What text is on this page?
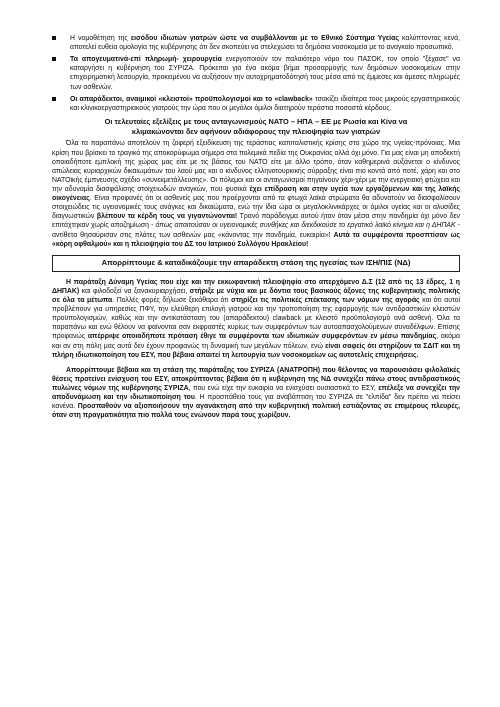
Η νομοθέτηση της εισόδου ιδιωτών γιατρών ώστε να συμβάλλονται με το Εθνικό Σύστημα Υγείας καλύπτοντας κενά, αποτελεί ευθεία ομολογία της κυβέρνησης ότι δεν σκοπεύει να στελεχώσει τα δημόσια νοσοκομεία με το αναγκαίο προσωπικό.
Τα απογευματινά-επί πληρωμή- χειρουργεία ενεργοποιούν τον παλαιότερο νόμο του ΠΑΣΟΚ, τον οποίο "ξέχασε" να καταργήσει η κυβέρνηση του ΣΥΡΙΖΑ. Πρόκειται για ένα ακόμα βήμα προσαρμογής των δημόσιων νοσοκομείων στην επιχειρηματική λειτουργία, προκειμένου να αυξήσουν την αυτοχρηματοδότησή τους μέσα από τις έμμεσες και άμεσες πληρωμές των ασθενών.
Οι απαράδεκτοι, αναιμικοί «κλειστοί» προϋπολογισμοί και το «clawback» τσακίζει ιδιαίτερα τους μικρούς εργαστηριακούς και κλινικοεργαστηριακούς γιατρούς την ώρα που οι μεγάλοι όμιλοι διατηρούν τεράστια ποσοστά κέρδους.
Οι τελευταίες εξελίξεις με τους ανταγωνισμούς ΝΑΤΟ – ΗΠΑ – ΕΕ με Ρωσία και Κίνα να
κλιμακώνονται δεν αφήνουν αδιάφορους την πλειοψηφία των γιατρών

Όλα τα παραπάνω αποτελούν τη ζοφερή εξειδίκευση της τεράστιας καπιταλιστικής κρίσης στο χώρο της υγείας-πρόνοιας. Μια κρίση που βρίσκει το τραγικό της αποκορύφωμα σήμερα στα πολεμικά πεδία της Ουκρανίας αλλά όχι μόνο. Για μας είναι μη αποδεκτή οποιαδήποτε εμπλοκή της χώρας μας είτε με τις βάσεις του ΝΑΤΟ είτε με άλλο τρόπο, όταν καθημερινά αυξάνεται ο κίνδυνος απώλειας κυριαρχικών δικαιωμάτων του λαού μας και ο κίνδυνος ελληνοτουρκικής σύρραξης είναι πιο κοντά από ποτέ, χάρη και στο ΝΑΤΟϊκής έμπνευσης σχέδιο «συνεκμετάλλευσης». Οι πόλεμοι και οι ανταγωνισμοί πηγαίνουν χέρι-χέρι με την ενεργειακή φτώχεια και την αδυναμία διασφάλισης στοιχειωδών αναγκών, που φυσικά έχει επίδραση και στην υγεία των εργαζόμενων και της λαϊκής οικογένειας. Είναι προφανές ότι οι ασθενείς μας που προέρχονται από τα φτωχά λαϊκά στρώματα θα αδυνατούν να διασφαλίσουν στοιχειώδεις τις υγειονομικές τους ανάγκες και δικαιώματα, ενώ την ίδια ώρα οι μεγαλοκλινικάρχες οι όμιλοι υγείας και οι αλυσίδες διαγνωστικών βλέπουν τα κέρδη τους να γιγαντώνονται! Τρανό παράδειγμα αυτού ήταν όταν μέσα στην πανδημία όχι μόνο δεν επιτάχτηκαν χωρίς αποζημίωση - όπως απαιτούσαν οι υγειονομικές συνθήκες και διεκδικούσε το εργατικό λαϊκό κίνημα και η ΔΗΠΑΚ - αντίθετα θησαύρισαν στις πλάτες των ασθενών μας «κάνοντας την πανδημία, ευκαιρία»! Αυτά τα συμφέροντα προσπτίσαν ως «κόρη οφθαλμού» και η πλειοψηφία του ΔΣ του Ιατρικού Συλλόγου Ηρακλείου!

Απορρίπτουμε & καταδικάζουμε την απαράδεκτη στάση της ηγεσίας των ΙΣΗ/ΠΙΣ (ΝΔ)

Η παράταξη Δύναμη Υγείας που είχε και την εκκωφαντική πλειοψηφία στο απερχόμενο Δ.Σ (12 από τις 13 έδρες, 1 η ΔΗΠΑΚ) και φιλοδοξεί να ξανακυριαρχήσει, στήριξε με νύχια και με δόντια τους βασικούς άξονες της κυβερνητικής πολιτικής σε όλα τα μέτωπα. Πολλές φορές δήλωσε ξεκάθαρα ότι στηρίζει τις πολιτικές επέκτασης των νόμων της αγοράς και ότι αυτοί προβλέπουν για υπηρεσίες ΠΦΥ, την ελεύθερη επιλογή γιατρού και την τροποποίηση της εφαρμογής των αντιδραστικών κλειστών προϋπολογισμών, καθώς και την αντικατάσταση του (απαράδεκτου) clawback με κλειστό προϋπολογισμό ανά ασθενή. Όλα τα παραπάνω και ενώ θέλουν να φαίνονται σαν εκφραστές κυρίως των συμφερόντων των αυτοαπασχολούμενων συναδέλφων. Επίσης προφανώς απέρριψε οποιαδήποτε πρόταση έθιγε τα συμφέροντα των ιδιωτικών συμφερόντων εν μέσω πανδημίας, ακόμα και αν στη πόλη μας αυτά δεν έχουν προφανώς τη δυναμική των μεγάλων πόλεων, ενώ είναι σαφείς ότι στηρίζουν τα ΣΔΙΤ και τη πλήρη ιδιωτικοποίηση του ΕΣΥ, που βέβαια απαιτεί τη λειτουργία των νοσοκομείων ως αυτοτελείς επιχειρήσεις.

Απορρίπτουμε βέβαια και τη στάση της παράταξης του ΣΥΡΙΖΑ (ΑΝΑΤΡΟΠΗ) που θέλοντας να παρουσιάσει φιλολαϊκές θέσεις προτείνει ενίσχυση του ΕΣΥ, αποκρύπτοντας βέβαια ότι η κυβέρνηση της ΝΔ συνεχίζει πάνω στους αντιδραστικούς πυλώνες νόμων της κυβέρνησης ΣΥΡΙΖΑ, που ενώ είχε την ευκαιρία να ενισχύσει ουσιαστικά το ΕΣΥ, επέλεξε να συνεχίζει την αποδυνάμωση και την ιδιωτικοποίηση του. Η προσπάθεια τους για αναβάπτιση του ΣΥΡΙΖΑ σε "ελπίδα" δεν πρέπει να πείσει κανένα. Προσπαθούν να αξιοποιήσουν την αγανάκτηση από την κυβερνητική πολιτική εστιάζοντας σε επιμέρους πλευρές, όταν στη πραγματικότητα πιο πολλά τους ενώνουν παρά τους χωρίζουν.
